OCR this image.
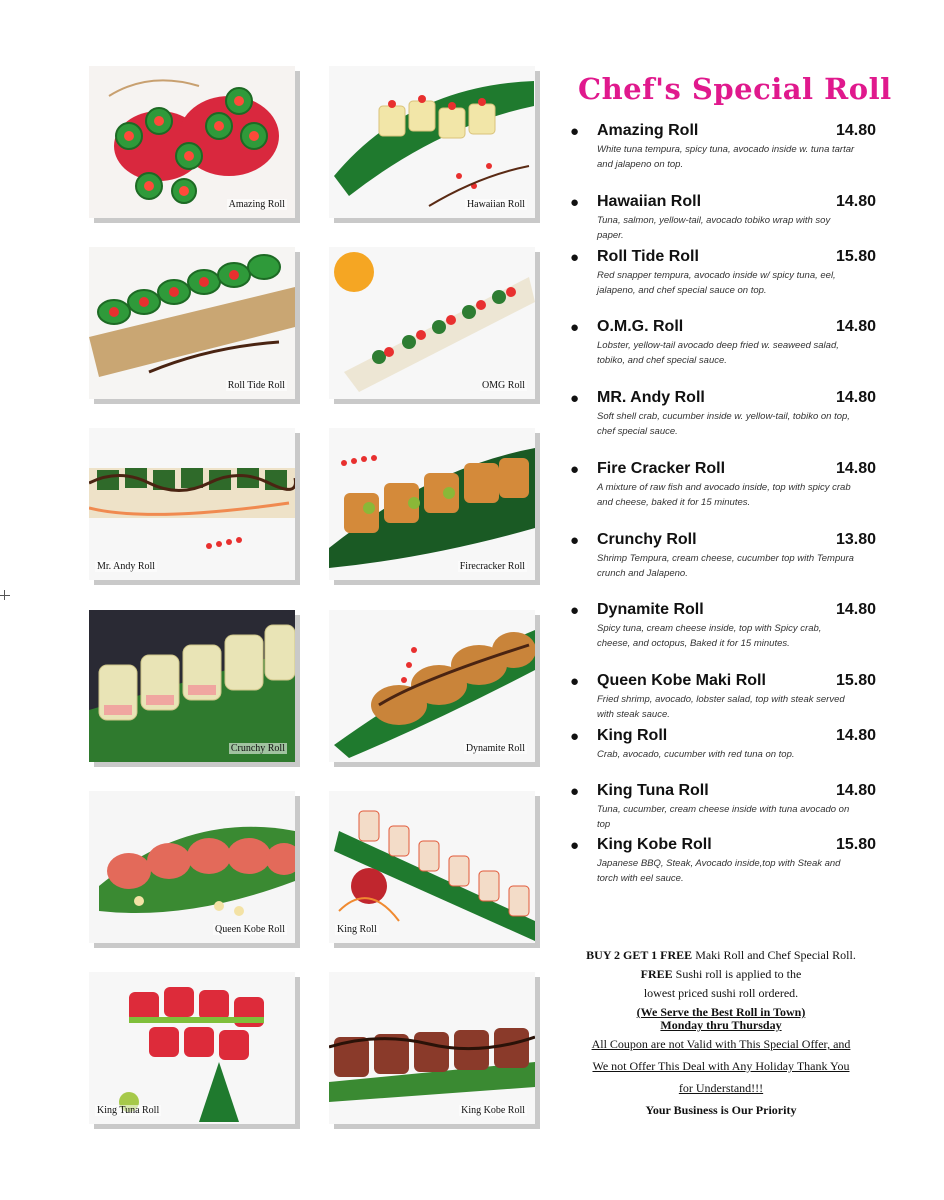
Amazing Roll	Hawaiian Roll
Roll Tide Roll	OMG Roll
Mr. Andy Roll	Firecracker Roll
Crunchy Roll	Dynamite Roll
Queen Kobe Roll	King Roll
King Tuna Roll	King Kobe Roll
Chef's Special Roll
● Amazing Roll	14.80
White tuna tempura, spicy tuna, avocado inside w. tuna tartar and jalapeno on top.
● Hawaiian Roll	14.80
Tuna, salmon, yellow-tail, avocado tobiko wrap with soy paper.
● Roll Tide Roll	15.80
Red snapper tempura, avocado inside w/ spicy tuna, eel, jalapeno, and chef special sauce on top.
● O.M.G. Roll	14.80
Lobster, yellow-tail avocado deep fried w. seaweed salad, tobiko, and chef special sauce.
● MR. Andy Roll	14.80
Soft shell crab, cucumber inside w. yellow-tail, tobiko on top, chef special sauce.
● Fire Cracker Roll	14.80
A mixture of raw fish and avocado inside, top with spicy crab and cheese, baked it for 15 minutes.
● Crunchy Roll	13.80
Shrimp Tempura, cream cheese, cucumber top with Tempura crunch and Jalapeno.
● Dynamite Roll	14.80
Spicy tuna, cream cheese inside, top with Spicy crab, cheese, and octopus, Baked it for 15 minutes.
● Queen Kobe Maki Roll	15.80
Fried shrimp, avocado, lobster salad, top with steak served with steak sauce.
● King Roll	14.80
Crab, avocado, cucumber with red tuna on top.
● King Tuna Roll	14.80
Tuna, cucumber, cream cheese inside with tuna avocado on top
● King Kobe Roll	15.80
Japanese BBQ, Steak, Avocado inside,top with Steak and torch with eel sauce.
BUY 2 GET 1 FREE Maki Roll and Chef Special Roll.
FREE Sushi roll is applied to the
lowest priced sushi roll ordered.
(We Serve the Best Roll in Town)
Monday thru Thursday
All Coupon are not Valid with This Special Offer, and
We not Offer This Deal with Any Holiday Thank You
for Understand!!!
Your Business is Our Priority
